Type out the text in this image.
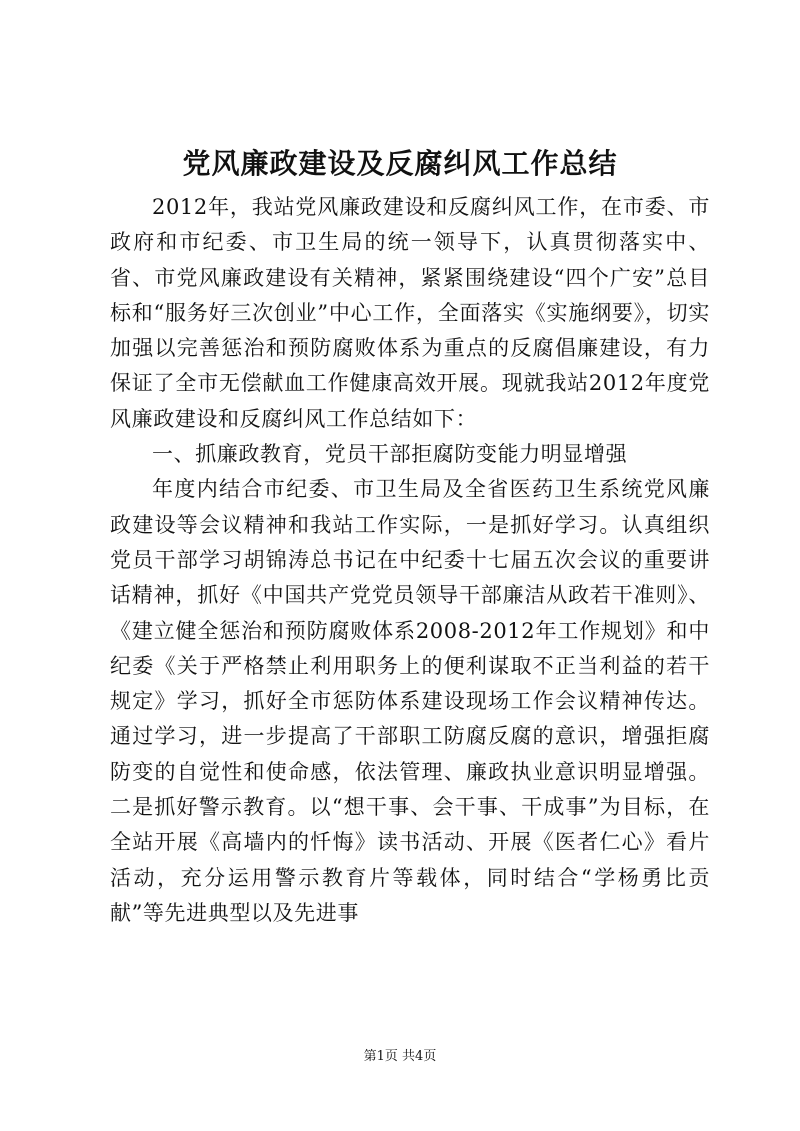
党风廉政建设及反腐纠风工作总结

2012年，我站党风廉政建设和反腐纠风工作，在市委、市政府和市纪委、市卫生局的统一领导下，认真贯彻落实中、省、市党风廉政建设有关精神，紧紧围绕建设“四个广安”总目标和“服务好三次创业”中心工作，全面落实《实施纲要》，切实加强以完善惩治和预防腐败体系为重点的反腐倡廉建设，有力保证了全市无偿献血工作健康高效开展。现就我站2012年度党风廉政建设和反腐纠风工作总结如下：

一、抓廉政教育，党员干部拒腐防变能力明显增强

年度内结合市纪委、市卫生局及全省医药卫生系统党风廉政建设等会议精神和我站工作实际，一是抓好学习。认真组织党员干部学习胡锦涛总书记在中纪委十七届五次会议的重要讲话精神，抓好《中国共产党党员领导干部廉洁从政若干准则》、《建立健全惩治和预防腐败体系2008-2012年工作规划》和中纪委《关于严格禁止利用职务上的便利谋取不正当利益的若干规定》学习，抓好全市惩防体系建设现场工作会议精神传达。通过学习，进一步提高了干部职工防腐反腐的意识，增强拒腐防变的自觉性和使命感，依法管理、廉政执业意识明显增强。二是抓好警示教育。以“想干事、会干事、干成事”为目标，在全站开展《高墙内的忏悔》读书活动、开展《医者仁心》看片活动，充分运用警示教育片等载体，同时结合“学杨勇比贡献”等先进典型以及先进事

第1页 共4页
